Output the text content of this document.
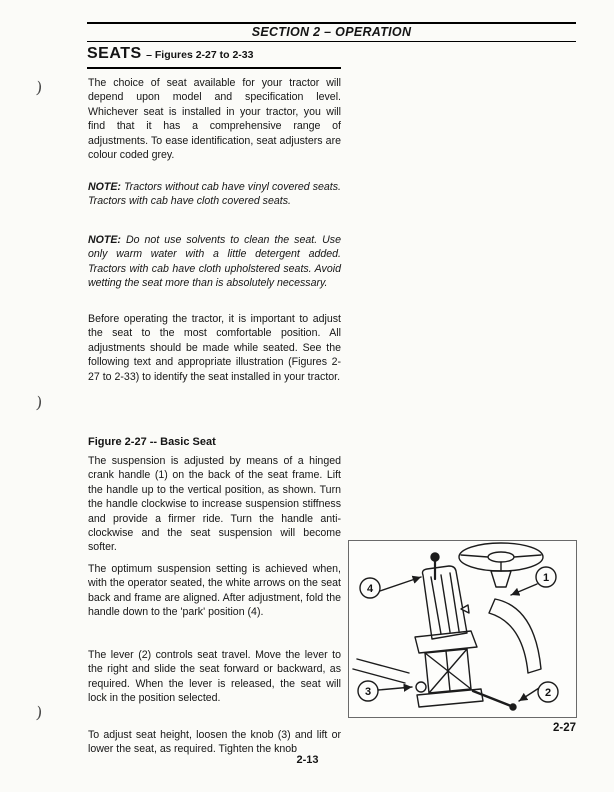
)
)
)
SECTION 2 – OPERATION
SEATS – Figures 2-27 to 2-33

The choice of seat available for your tractor will depend upon model and specification level. Whichever seat is installed in your tractor, you will find that it has a comprehensive range of adjustments. To ease identification, seat adjusters are colour coded grey.

NOTE: Tractors without cab have vinyl covered seats. Tractors with cab have cloth covered seats.

NOTE: Do not use solvents to clean the seat. Use only warm water with a little detergent added. Tractors with cab have cloth upholstered seats. Avoid wetting the seat more than is absolutely necessary.

Before operating the tractor, it is important to adjust the seat to the most comfortable position. All adjustments should be made while seated. See the following text and appropriate illustration (Figures 2-27 to 2-33) to identify the seat installed in your tractor.

Figure 2-27 -- Basic Seat

The suspension is adjusted by means of a hinged crank handle (1) on the back of the seat frame. Lift the handle up to the vertical position, as shown. Turn the handle clockwise to increase suspension stiffness and provide a firmer ride. Turn the handle anti-clockwise and the seat suspension will become softer.

The optimum suspension setting is achieved when, with the operator seated, the white arrows on the seat back and frame are aligned. After adjustment, fold the handle down to the 'park' position (4).

The lever (2) controls seat travel. Move the lever to the right and slide the seat forward or backward, as required. When the lever is released, the seat will lock in the position selected.

To adjust seat height, loosen the knob (3) and lift or lower the seat, as required. Tighten the knob

1
4
3	2
2-27
2-13
